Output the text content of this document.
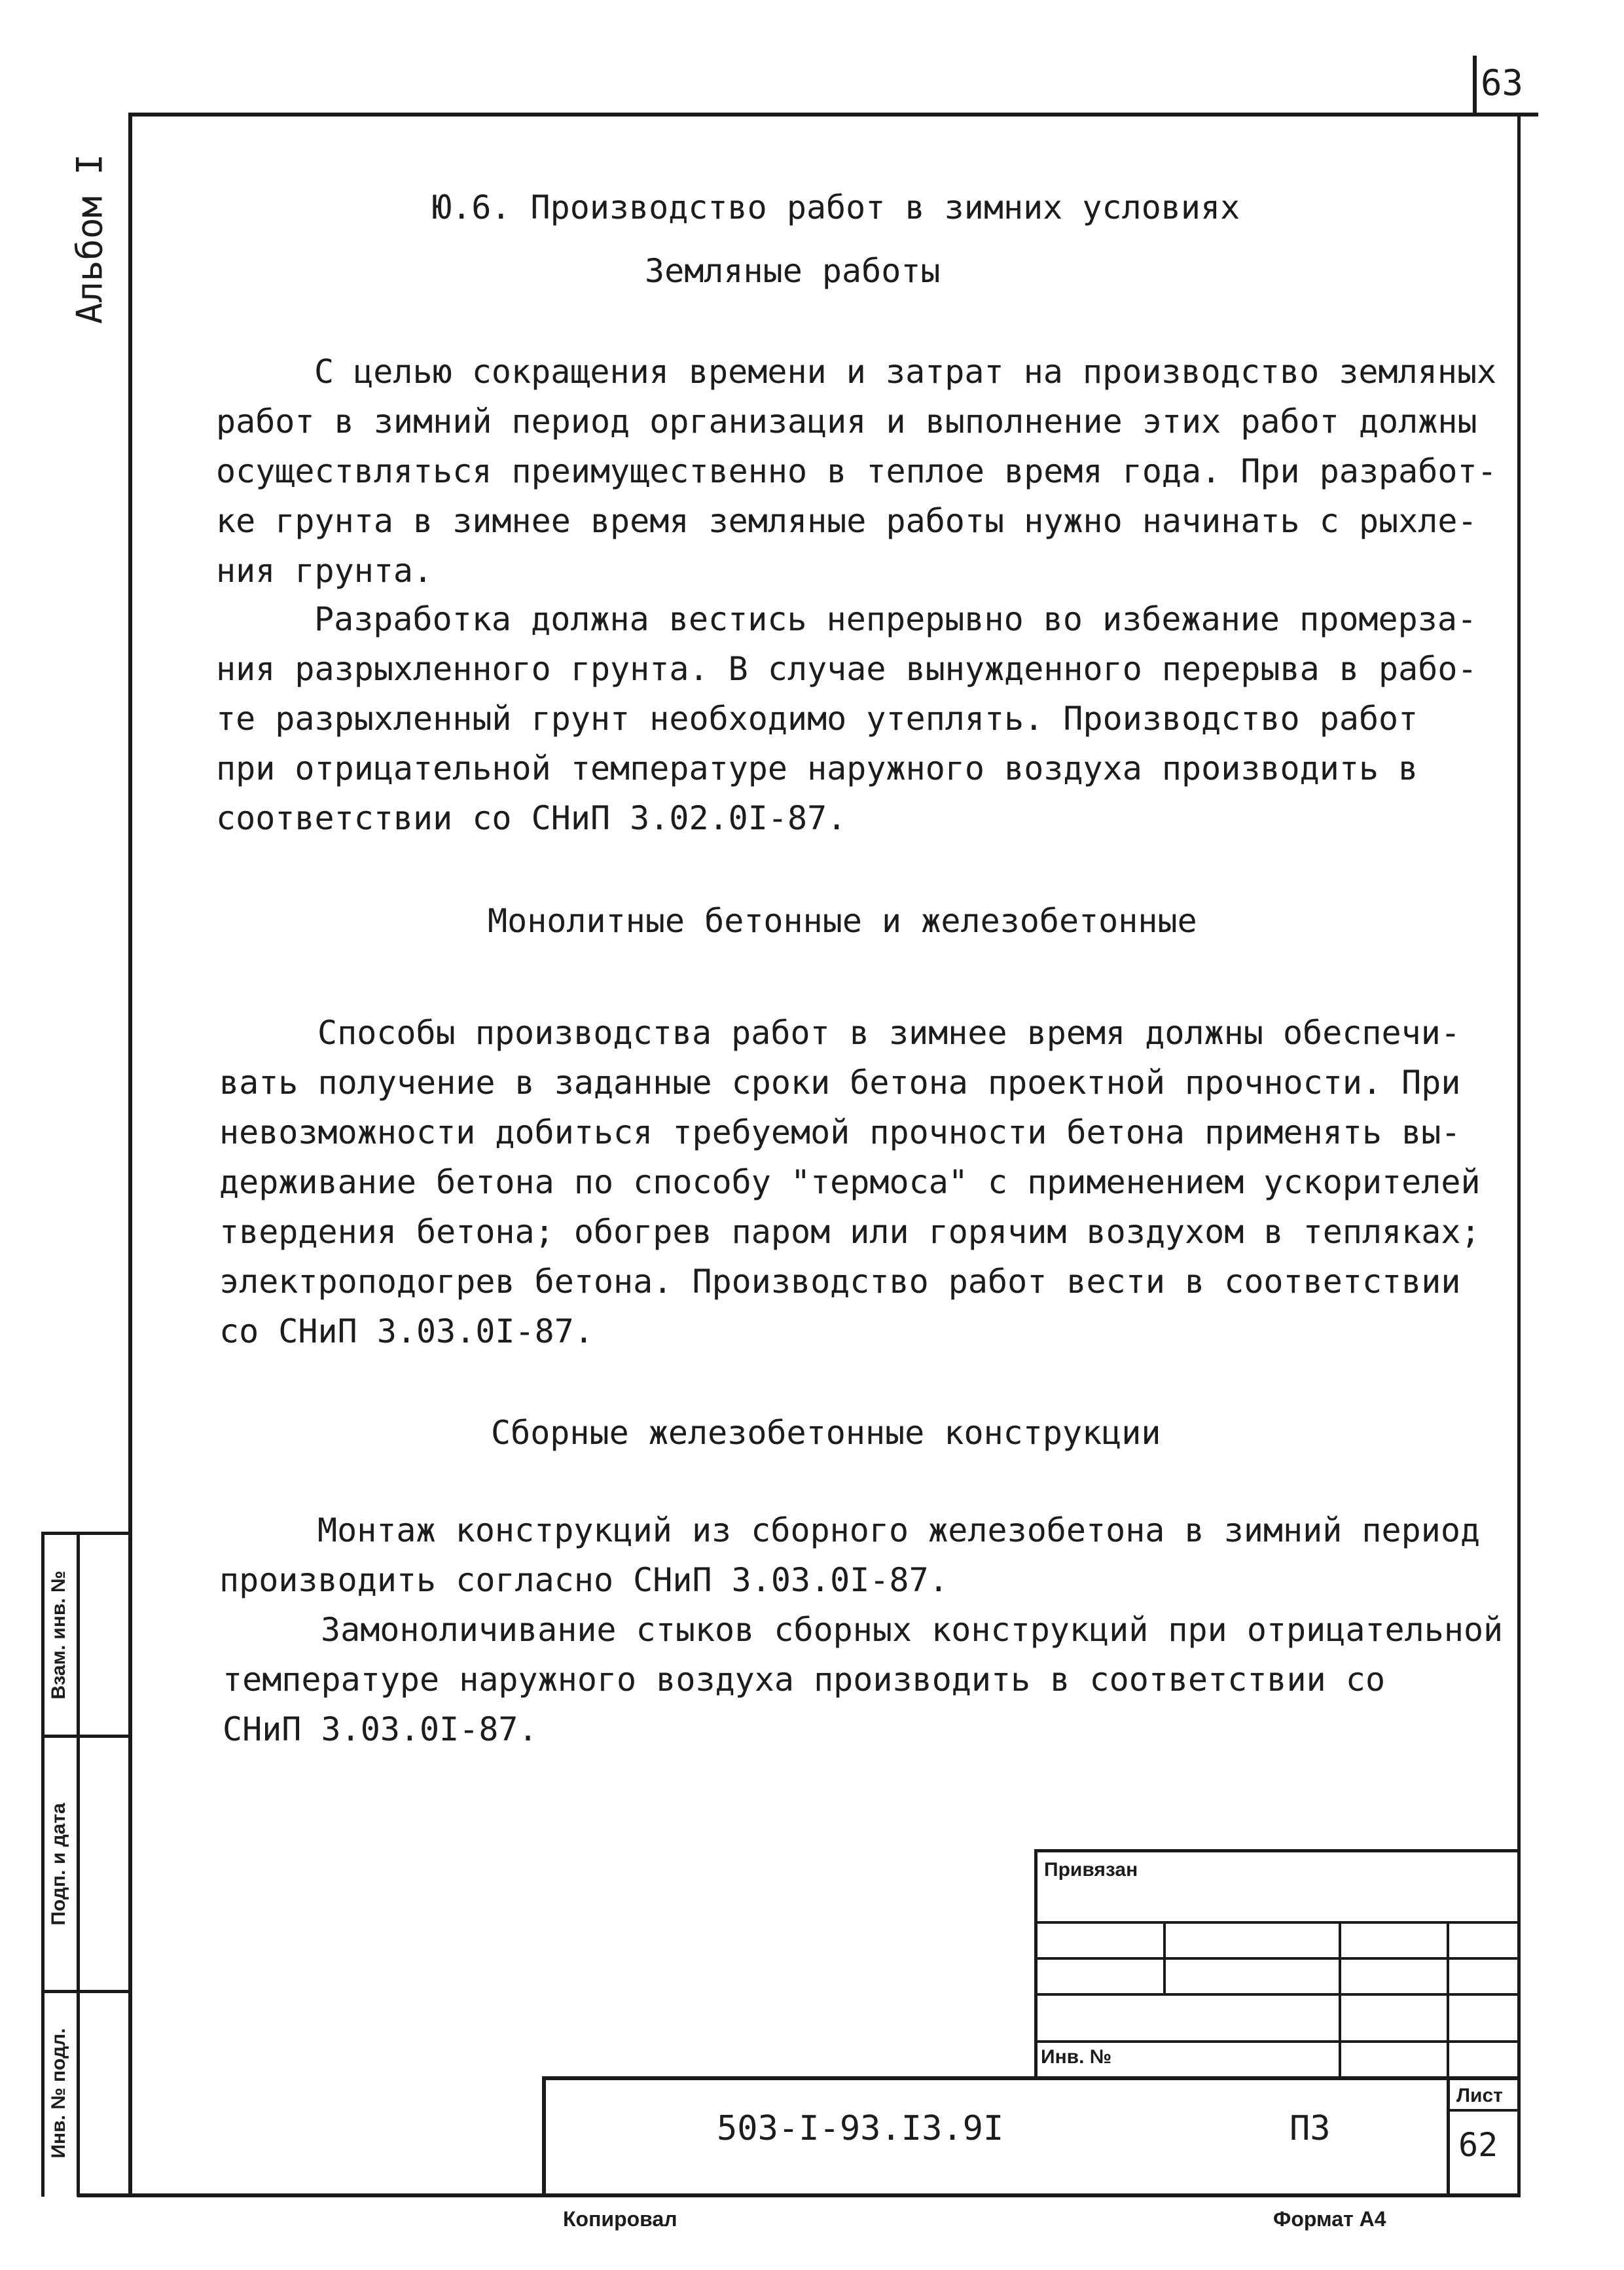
63
Альбом I	Ю.6. Производство работ в зимних условиях
Земляные работы
С целью сокращения времени и затрат на производство земляных
работ в зимний период организация и выполнение этих работ должны
осуществляться преимущественно в теплое время года. При разработ-
ке грунта в зимнее время земляные работы нужно начинать с рыхле-
ния грунта.
Разработка должна вестись непрерывно во избежание промерза-
ния разрыхленного грунта. В случае вынужденного перерыва в рабо-
те разрыхленный грунт необходимо утеплять. Производство работ
при отрицательной температуре наружного воздуха производить в
соответствии со СНиП 3.02.0I-87.
Монолитные бетонные и железобетонные
Способы производства работ в зимнее время должны обеспечи-
вать получение в заданные сроки бетона проектной прочности. При
невозможности добиться требуемой прочности бетона применять вы-
держивание бетона по способу "термоса" с применением ускорителей
твердения бетона; обогрев паром или горячим воздухом в тепляках;
электроподогрев бетона. Производство работ вести в соответствии
со СНиП 3.03.0I-87.
Сборные железобетонные конструкции
Монтаж конструкций из сборного железобетона в зимний период
производить согласно СНиП 3.03.0I-87.
Замоноличивание стыков сборных конструкций при отрицательной
температуре наружного воздуха производить в соответствии со
СНиП 3.03.0I-87.
Взам. инв. №
Подп. и дата
Инв. № подл.
Привязан
Инв. №
503-I-93.I3.9I	ПЗ
Лист
62
Копировал	Формат А4
